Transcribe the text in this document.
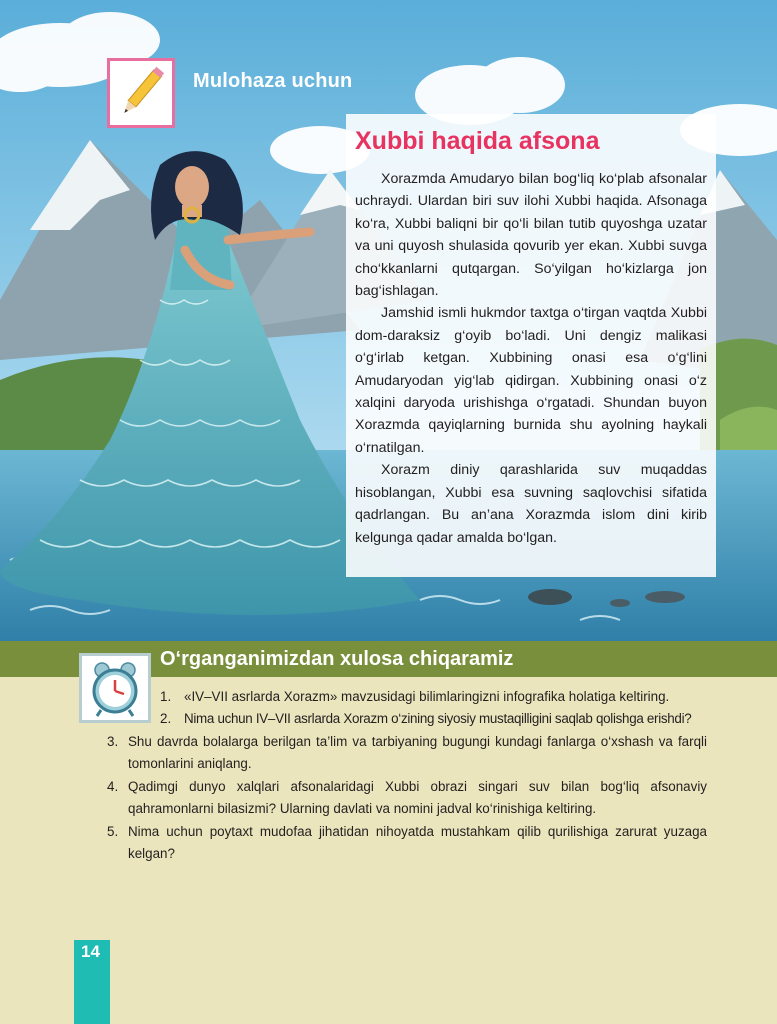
Mulohaza uchun
Xubbi haqida afsona

Xorazmda Amudaryo bilan bog‘liq ko‘plab afsonalar uchraydi. Ulardan biri suv ilohi Xubbi haqida. Afsonaga ko‘ra, Xubbi baliqni bir qo‘li bilan tutib quyoshga uzatar va uni quyosh shulasida qovurib yer ekan. Xubbi suvga cho‘kkanlarni qutqargan. So‘yilgan ho‘kizlarga jon bag‘ishlagan.

Jamshid ismli hukmdor taxtga o‘tirgan vaqtda Xubbi dom-daraksiz g‘oyib bo‘ladi. Uni dengiz malikasi o‘g‘irlab ketgan. Xubbining onasi esa o‘g‘lini Amudaryodan yig‘lab qidirgan. Xubbining onasi o‘z xalqini daryoda urishishga o‘rgatadi. Shundan buyon Xorazmda qayiqlarning burnida shu ayolning haykali o‘rnatilgan.

Xorazm diniy qarashlarida suv muqaddas hisoblangan, Xubbi esa suvning saqlovchisi sifatida qadrlangan. Bu an’ana Xorazmda islom dini kirib kelgunga qadar amalda bo‘lgan.

O‘rganganimizdan xulosa chiqaramiz
1. «IV–VII asrlarda Xorazm» mavzusidagi bilimlaringizni infografika holatiga keltiring.
2. Nima uchun IV–VII asrlarda Xorazm o‘zining siyosiy mustaqilligini saqlab qolishga erishdi?
3. Shu davrda bolalarga berilgan ta’lim va tarbiyaning bugungi kundagi fanlarga o‘xshash va farqli tomonlarini aniqlang.
4. Qadimgi dunyo xalqlari afsonalaridagi Xubbi obrazi singari suv bilan bog‘liq afsonaviy qahramonlarni bilasizmi? Ularning davlati va nomini jadval ko‘rinishiga keltiring.
5. Nima uchun poytaxt mudofaa jihatidan nihoyatda mustahkam qilib qurilishiga zarurat yuzaga kelgan?
14
